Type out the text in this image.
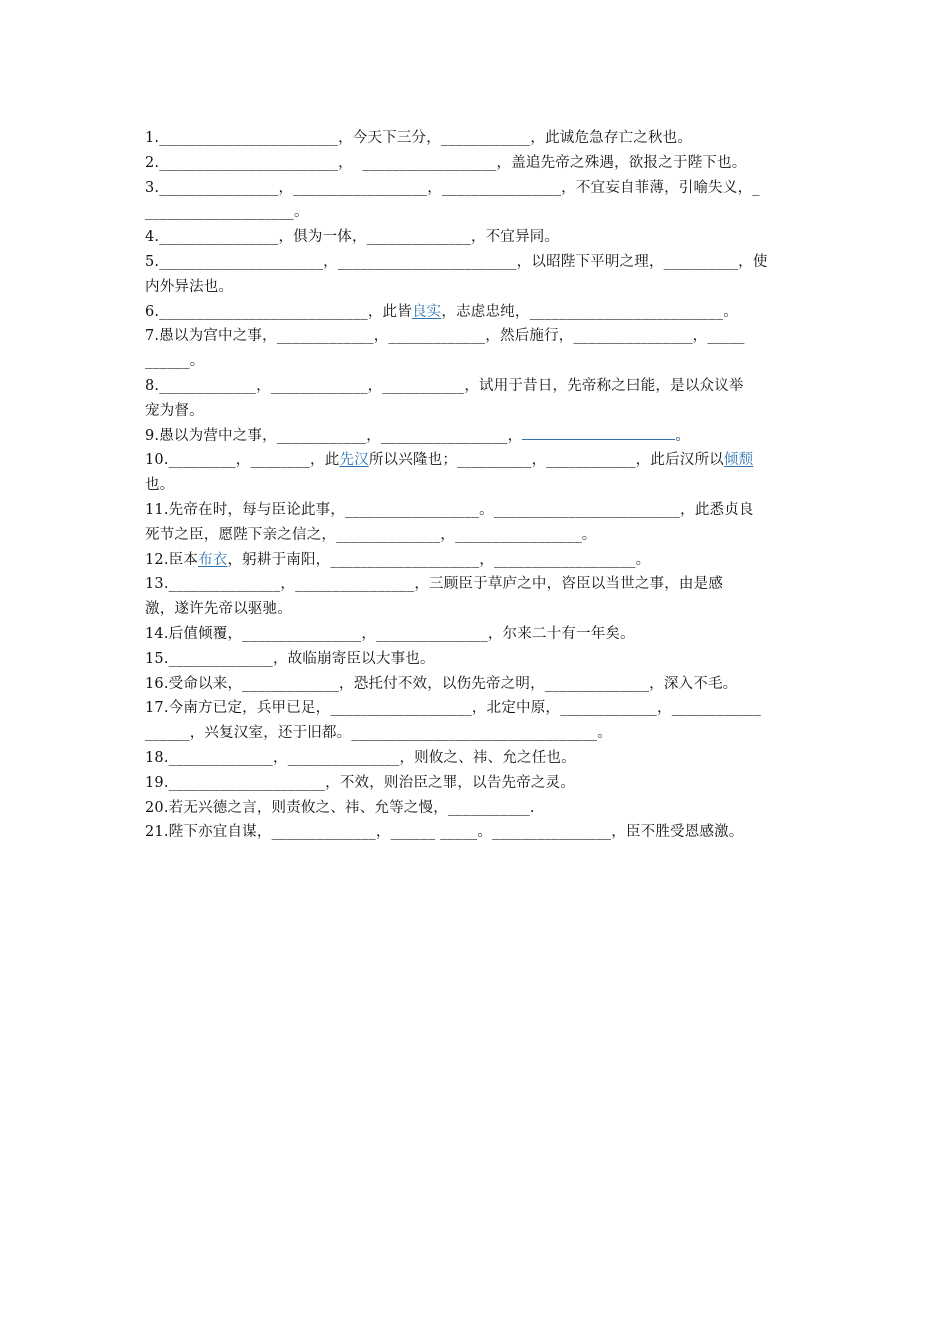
1.________________________，今天下三分，____________，此诚危急存亡之秋也。
2.________________________，  __________________，盖追先帝之殊遇，欲报之于陛下也。
3.________________，__________________，________________，不宜妄自菲薄，引喻失义，_
____________________。
4.________________，俱为一体，______________，不宜异同。
5.______________________，________________________，以昭陛下平明之理，__________，使
内外异法也。
6.____________________________，此皆良实，志虑忠纯，__________________________。
7.愚以为宫中之事，_____________，_____________，然后施行，________________，_____
______。
8._____________，_____________，___________，试用于昔日，先帝称之曰能，是以众议举
宠为督。
9.愚以为营中之事，____________，_________________，	。
10._________，________，此先汉所以兴隆也；__________，____________，此后汉所以倾颓
也。
11.先帝在时，每与臣论此事，__________________。_________________________，此悉贞良
死节之臣，愿陛下亲之信之，______________，_________________。
12.臣本布衣，躬耕于南阳，____________________，___________________。
13._______________，________________，三顾臣于草庐之中，咨臣以当世之事，由是感
激，遂许先帝以驱驰。
14.后值倾覆，________________，_______________，尔来二十有一年矣。
15.______________，故临崩寄臣以大事也。
16.受命以来，_____________，恐托付不效，以伤先帝之明，______________，深入不毛。
17.今南方已定，兵甲已足，___________________，北定中原，_____________，____________
______，兴复汉室，还于旧都。_________________________________。
18.______________，_______________，则攸之、祎、允之任也。
19._____________________，不效，则治臣之罪，以告先帝之灵。
20.若无兴德之言，则责攸之、祎、允等之慢，___________.
21.陛下亦宜自谋，______________，______ _____。________________，臣不胜受恩感激。
